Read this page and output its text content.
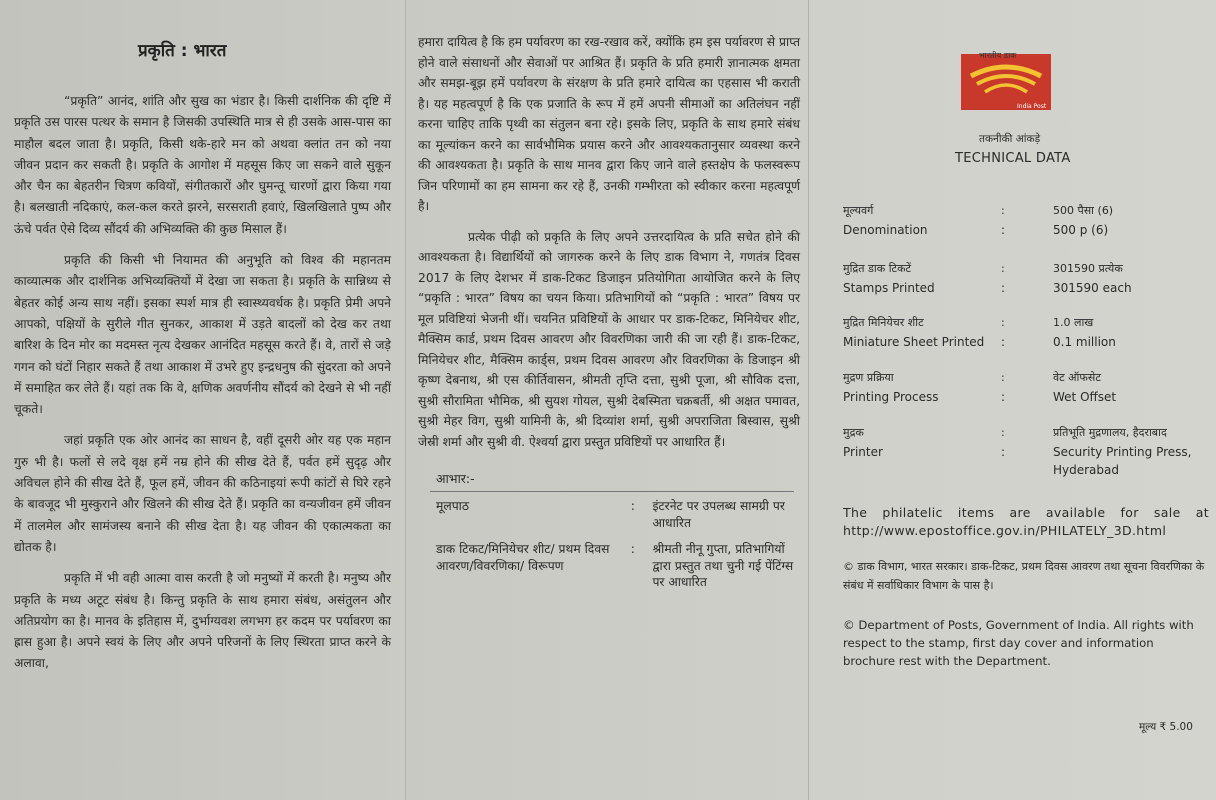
प्रकृति : भारत

“प्रकृति” आनंद, शांति और सुख का भंडार है। किसी दार्शनिक की दृष्टि में प्रकृति उस पारस पत्थर के समान है जिसकी उपस्थिति मात्र से ही उसके आस-पास का माहौल बदल जाता है। प्रकृति, किसी थके-हारे मन को अथवा क्लांत तन को नया जीवन प्रदान कर सकती है। प्रकृति के आगोश में महसूस किए जा सकने वाले सुकून और चैन का बेहतरीन चित्रण कवियों, संगीतकारों और घुमन्तू चारणों द्वारा किया गया है। बलखाती नदिकाएं, कल-कल करते झरने, सरसराती हवाएं, खिलखिलाते पुष्प और ऊंचे पर्वत ऐसे दिव्य सौंदर्य की अभिव्यक्ति की कुछ मिसाल हैं।

प्रकृति की किसी भी नियामत की अनुभूति को विश्व की महानतम काव्यात्मक और दार्शनिक अभिव्यक्तियों में देखा जा सकता है। प्रकृति के सान्निध्य से बेहतर कोई अन्य साथ नहीं। इसका स्पर्श मात्र ही स्वास्थ्यवर्धक है। प्रकृति प्रेमी अपने आपको, पक्षियों के सुरीले गीत सुनकर, आकाश में उड़ते बादलों को देख कर तथा बारिश के दिन मोर का मदमस्त नृत्य देखकर आनंदित महसूस करते हैं। वे, तारों से जड़े गगन को घंटों निहार सकते हैं तथा आकाश में उभरे हुए इन्द्रधनुष की सुंदरता को अपने में समाहित कर लेते हैं। यहां तक कि वे, क्षणिक अवर्णनीय सौंदर्य को देखने से भी नहीं चूकते।

जहां प्रकृति एक ओर आनंद का साधन है, वहीं दूसरी ओर यह एक महान गुरु भी है। फलों से लदे वृक्ष हमें नम्र होने की सीख देते हैं, पर्वत हमें सुदृढ़ और अविचल होने की सीख देते हैं, फूल हमें, जीवन की कठिनाइयां रूपी कांटों से घिरे रहने के बावजूद भी मुस्कुराने और खिलने की सीख देते हैं। प्रकृति का वन्यजीवन हमें जीवन में तालमेल और सामंजस्य बनाने की सीख देता है। यह जीवन की एकात्मकता का द्योतक है।

प्रकृति में भी वही आत्मा वास करती है जो मनुष्यों में करती है। मनुष्य और प्रकृति के मध्य अटूट संबंध है। किन्तु प्रकृति के साथ हमारा संबंध, असंतुलन और अतिप्रयोग का है। मानव के इतिहास में, दुर्भाग्यवश लगभग हर कदम पर पर्यावरण का ह्रास हुआ है। अपने स्वयं के लिए और अपने परिजनों के लिए स्थिरता प्राप्त करने के अलावा,

हमारा दायित्व है कि हम पर्यावरण का रख-रखाव करें, क्योंकि हम इस पर्यावरण से प्राप्त होने वाले संसाधनों और सेवाओं पर आश्रित हैं। प्रकृति के प्रति हमारी ज्ञानात्मक क्षमता और समझ-बूझ हमें पर्यावरण के संरक्षण के प्रति हमारे दायित्व का एहसास भी कराती है। यह महत्वपूर्ण है कि एक प्रजाति के रूप में हमें अपनी सीमाओं का अतिलंघन नहीं करना चाहिए ताकि पृथ्वी का संतुलन बना रहे। इसके लिए, प्रकृति के साथ हमारे संबंध का मूल्यांकन करने का सार्वभौमिक प्रयास करने और आवश्यकतानुसार व्यवस्था करने की आवश्यकता है। प्रकृति के साथ मानव द्वारा किए जाने वाले हस्तक्षेप के फलस्वरूप जिन परिणामों का हम सामना कर रहे हैं, उनकी गम्भीरता को स्वीकार करना महत्वपूर्ण है।

प्रत्येक पीढ़ी को प्रकृति के लिए अपने उत्तरदायित्व के प्रति सचेत होने की आवश्यकता है। विद्यार्थियों को जागरुक करने के लिए डाक विभाग ने, गणतंत्र दिवस 2017 के लिए देशभर में डाक-टिकट डिजाइन प्रतियोगिता आयोजित करने के लिए “प्रकृति : भारत” विषय का चयन किया। प्रतिभागियों को “प्रकृति : भारत” विषय पर मूल प्रविष्टियां भेजनी थीं। चयनित प्रविष्टियों के आधार पर डाक-टिकट, मिनियेचर शीट, मैक्सिम कार्ड, प्रथम दिवस आवरण और विवरणिका जारी की जा रही हैं। डाक-टिकट, मिनियेचर शीट, मैक्सिम कार्ड्स, प्रथम दिवस आवरण और विवरणिका के डिजाइन श्री कृष्ण देबनाथ, श्री एस कीर्तिवासन, श्रीमती तृप्ति दत्ता, सुश्री पूजा, श्री सौविक दत्ता, सुश्री सौरामिता भौमिक, श्री सुयश गोयल, सुश्री देबस्मिता चक्रबर्ती, श्री अक्षत पमावत, सुश्री मेहर विग, सुश्री यामिनी के, श्री दिव्यांश शर्मा, सुश्री अपराजिता बिस्वास, सुश्री जेस्री शर्मा और सुश्री वी. ऐश्वर्या द्वारा प्रस्तुत प्रविष्टियों पर आधारित हैं।

आभार:-
मूलपाठ	:	इंटरनेट पर उपलब्ध सामग्री पर आधारित
डाक टिकट/मिनियेचर शीट/ प्रथम दिवस आवरण/विवरणिका/ विरूपण
:	श्रीमती नीनू गुप्ता, प्रतिभागियों द्वारा प्रस्तुत तथा चुनी गई पेंटिंग्स पर आधारित
भारतीय डाक
India Post
तकनीकी आंकड़े
TECHNICAL DATA
मूल्यवर्ग	:	500 पैसा (6)
Denomination	:	500 p (6)
मुद्रित डाक टिकटें	:	301590 प्रत्येक
Stamps Printed	:	301590 each
मुद्रित मिनियेचर शीट	:	1.0 लाख
Miniature Sheet Printed	:	0.1 million
मुद्रण प्रक्रिया	:	वेट ऑफसेट
Printing Process	:	Wet Offset
मुद्रक	:	प्रतिभूति मुद्रणालय, हैदराबाद
Printer	:	Security Printing Press, Hyderabad
The philatelic items are available for sale at http://www.epostoffice.gov.in/PHILATELY_3D.html
© डाक विभाग, भारत सरकार। डाक-टिकट, प्रथम दिवस आवरण तथा सूचना विवरणिका के संबंध में सर्वाधिकार विभाग के पास है।
© Department of Posts, Government of India. All rights with respect to the stamp, first day cover and information brochure rest with the Department.
मूल्य ₹ 5.00
